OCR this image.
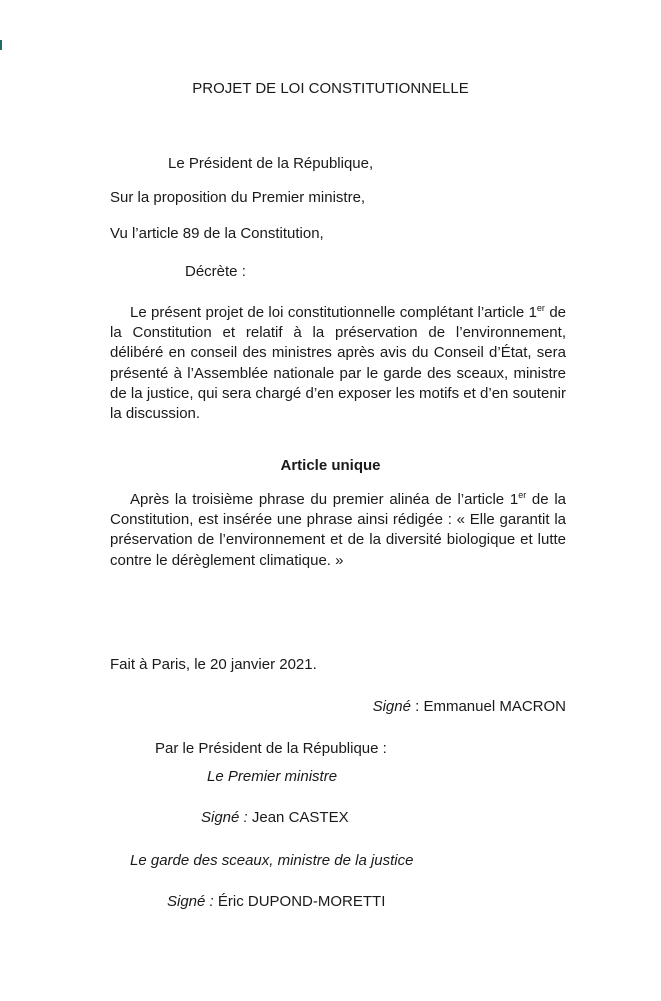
PROJET DE LOI CONSTITUTIONNELLE
Le Président de la République,
Sur la proposition du Premier ministre,
Vu l’article 89 de la Constitution,
Décrète :
Le présent projet de loi constitutionnelle complétant l’article 1er de la Constitution et relatif à la préservation de l’environnement, délibéré en conseil des ministres après avis du Conseil d’État, sera présenté à l’Assemblée nationale par le garde des sceaux, ministre de la justice, qui sera chargé d’en exposer les motifs et d’en soutenir la discussion.
Article unique
Après la troisième phrase du premier alinéa de l’article 1er de la Constitution, est insérée une phrase ainsi rédigée : « Elle garantit la préservation de l’environnement et de la diversité biologique et lutte contre le dérèglement climatique. »
Fait à Paris, le 20 janvier 2021.
Signé : Emmanuel MACRON
Par le Président de la République :
Le Premier ministre
Signé : Jean CASTEX
Le garde des sceaux, ministre de la justice
Signé : Éric DUPOND-MORETTI
